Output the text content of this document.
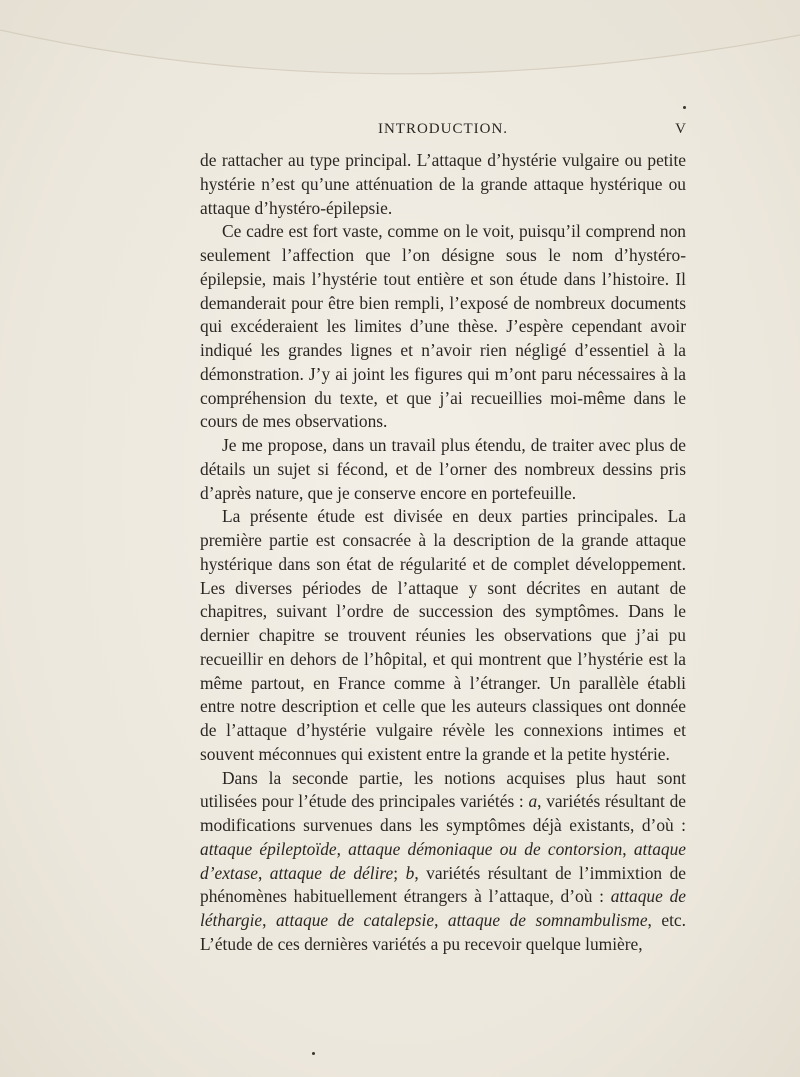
INTRODUCTION.	V

de rattacher au type principal. L’attaque d’hystérie vulgaire ou petite hystérie n’est qu’une atténuation de la grande attaque hystérique ou attaque d’hystéro-épilepsie.

Ce cadre est fort vaste, comme on le voit, puisqu’il comprend non seulement l’affection que l’on désigne sous le nom d’hystéro-épilepsie, mais l’hystérie tout entière et son étude dans l’histoire. Il demanderait pour être bien rempli, l’exposé de nombreux documents qui excéderaient les limites d’une thèse. J’espère cependant avoir indiqué les grandes lignes et n’avoir rien négligé d’essentiel à la démonstration. J’y ai joint les figures qui m’ont paru nécessaires à la compréhension du texte, et que j’ai recueillies moi-même dans le cours de mes observations.

Je me propose, dans un travail plus étendu, de traiter avec plus de détails un sujet si fécond, et de l’orner des nombreux dessins pris d’après nature, que je conserve encore en portefeuille.

La présente étude est divisée en deux parties principales. La première partie est consacrée à la description de la grande attaque hystérique dans son état de régularité et de complet développement. Les diverses périodes de l’attaque y sont décrites en autant de chapitres, suivant l’ordre de succession des symptômes. Dans le dernier chapitre se trouvent réunies les observations que j’ai pu recueillir en dehors de l’hôpital, et qui montrent que l’hystérie est la même partout, en France comme à l’étranger. Un parallèle établi entre notre description et celle que les auteurs classiques ont donnée de l’attaque d’hystérie vulgaire révèle les connexions intimes et souvent méconnues qui existent entre la grande et la petite hystérie.

Dans la seconde partie, les notions acquises plus haut sont utilisées pour l’étude des principales variétés : a, variétés résultant de modifications survenues dans les symptômes déjà existants, d’où : attaque épileptoïde, attaque démoniaque ou de contorsion, attaque d’extase, attaque de délire; b, variétés résultant de l’immixtion de phénomènes habituellement étrangers à l’attaque, d’où : attaque de léthargie, attaque de catalepsie, attaque de somnambulisme, etc. L’étude de ces dernières variétés a pu recevoir quelque lumière,
